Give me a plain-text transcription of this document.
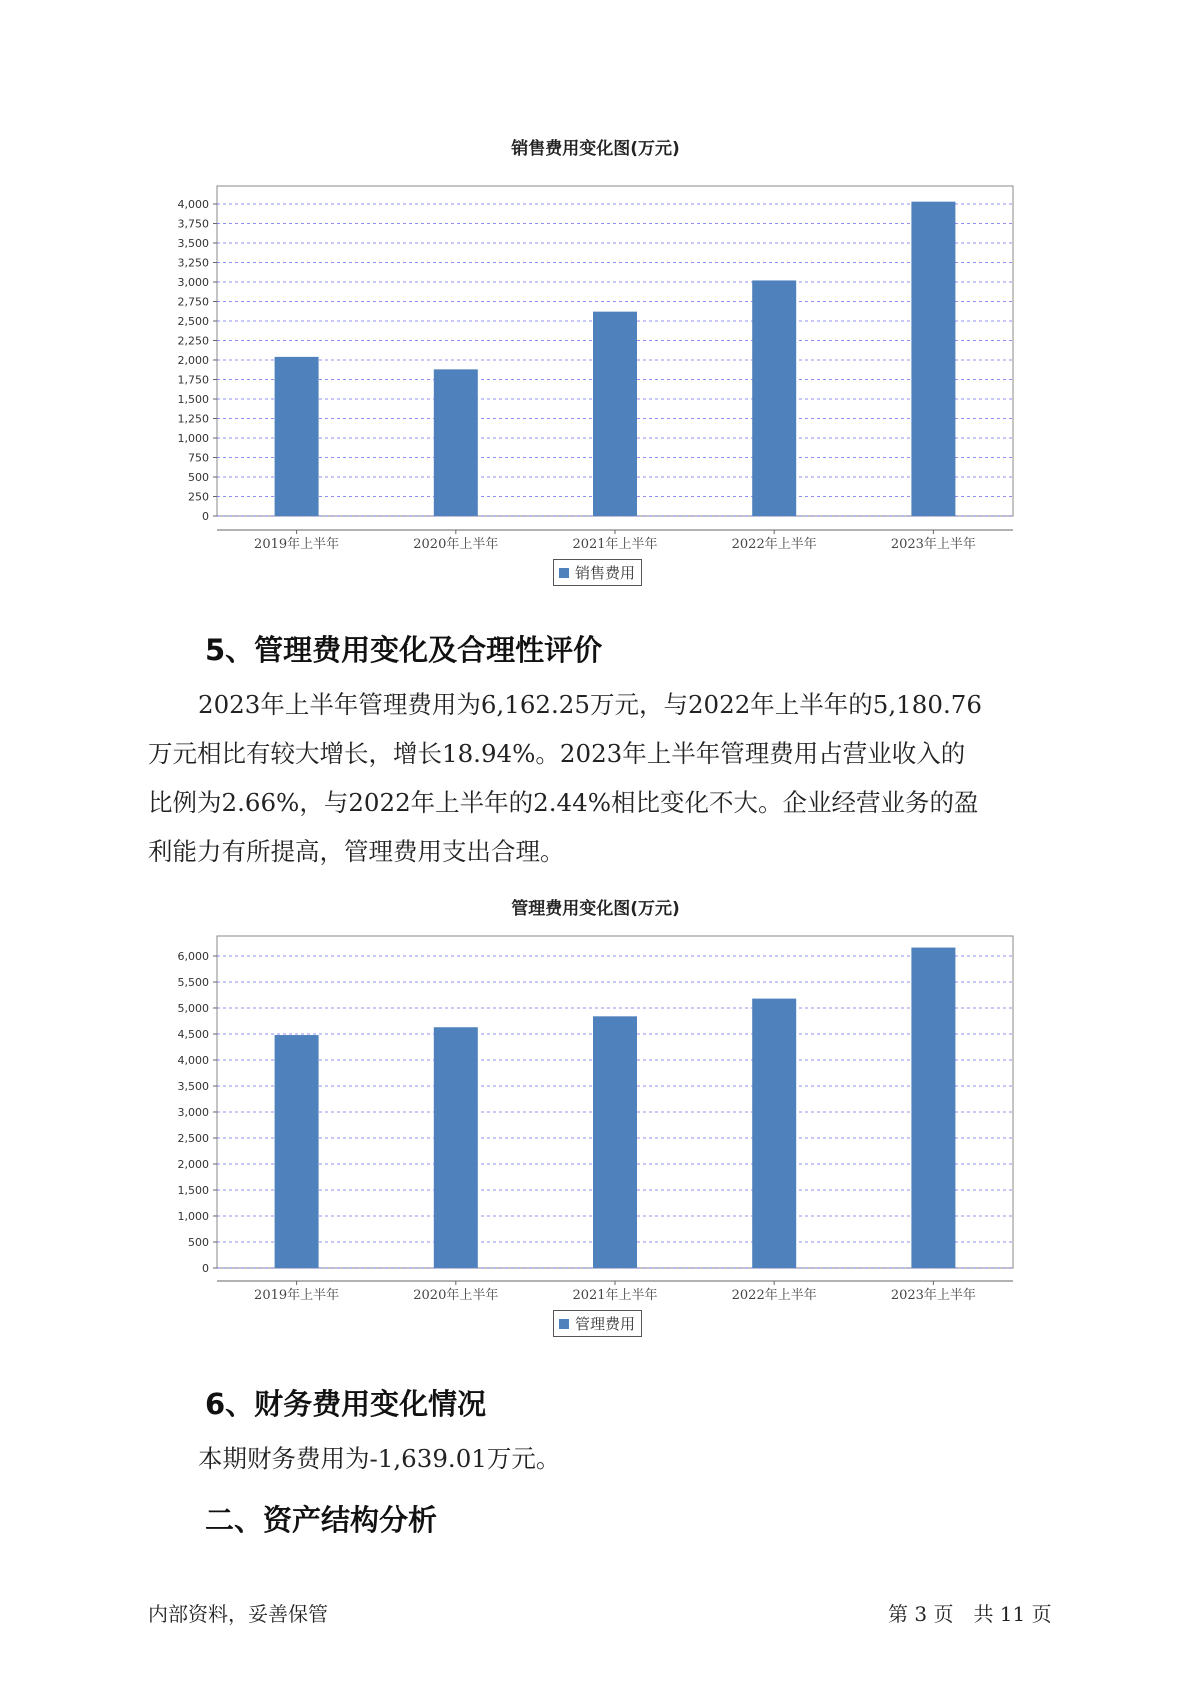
销售费用变化图(万元)
0
250
500
750
1,000
1,250
1,500
1,750
2,000
2,250
2,500
2,750
3,000
3,250
3,500
3,750
4,000
2019年上半年	2020年上半年	2021年上半年	2022年上半年	2023年上半年
销售费用
5、管理费用变化及合理性评价
2023年上半年管理费用为6,162.25万元，与2022年上半年的5,180.76
万元相比有较大增长，增长18.94%。2023年上半年管理费用占营业收入的
比例为2.66%，与2022年上半年的2.44%相比变化不大。企业经营业务的盈
利能力有所提高，管理费用支出合理。
管理费用变化图(万元)
0
500
1,000
1,500
2,000
2,500
3,000
3,500
4,000
4,500
5,000
5,500
6,000
2019年上半年	2020年上半年	2021年上半年	2022年上半年	2023年上半年
管理费用
6、财务费用变化情况
本期财务费用为-1,639.01万元。
二、资产结构分析
内部资料，妥善保管	第 3 页　共 11 页
